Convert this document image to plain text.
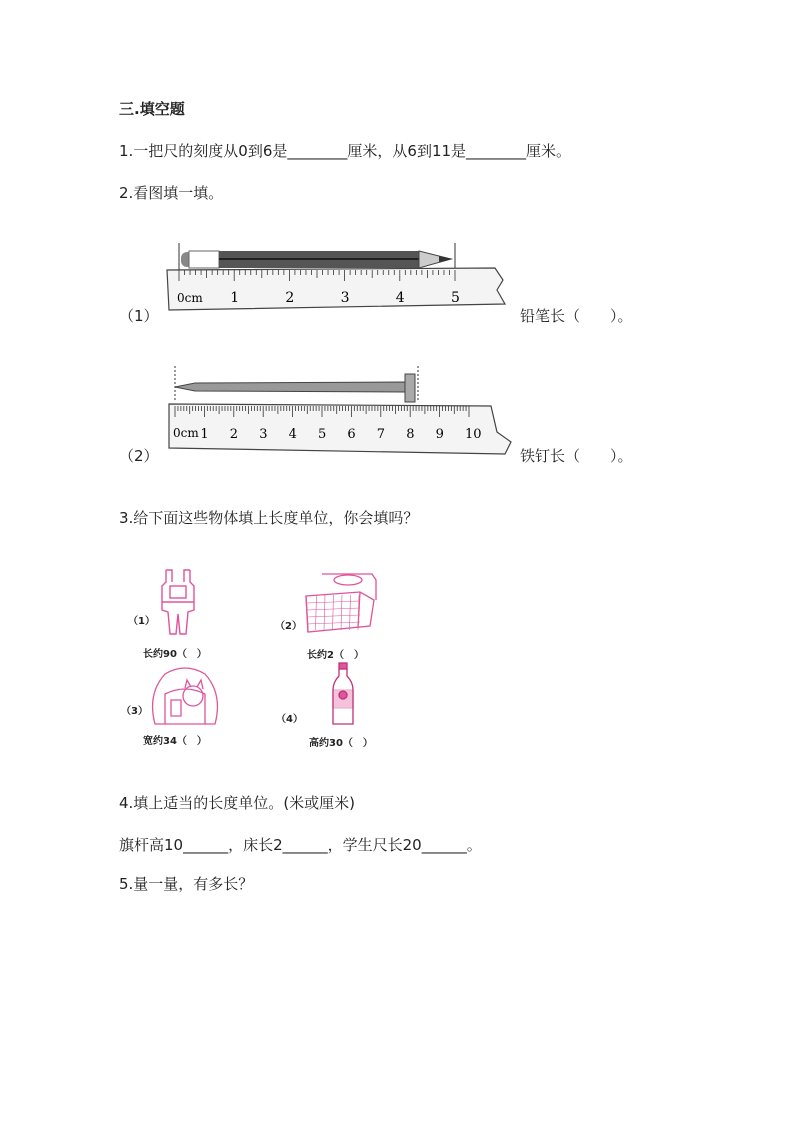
三.填空题
1.一把尺的刻度从0到6是________厘米，从6到11是________厘米。
2.看图填一填。
（1）
0cm 1	2	3	4	5
铅笔长（　　）。
（2）
0cm 1 2 3 4 5 6 7 8 9 10
铁钉长（　　）。
3.给下面这些物体填上长度单位，你会填吗？
（1）
长约90（　）
（2）
长约2（　）
（3）
宽约34（　）
（4）
高约30（　）
4.填上适当的长度单位。(米或厘米)
旗杆高10______，床长2______，学生尺长20______。
5.量一量，有多长？
